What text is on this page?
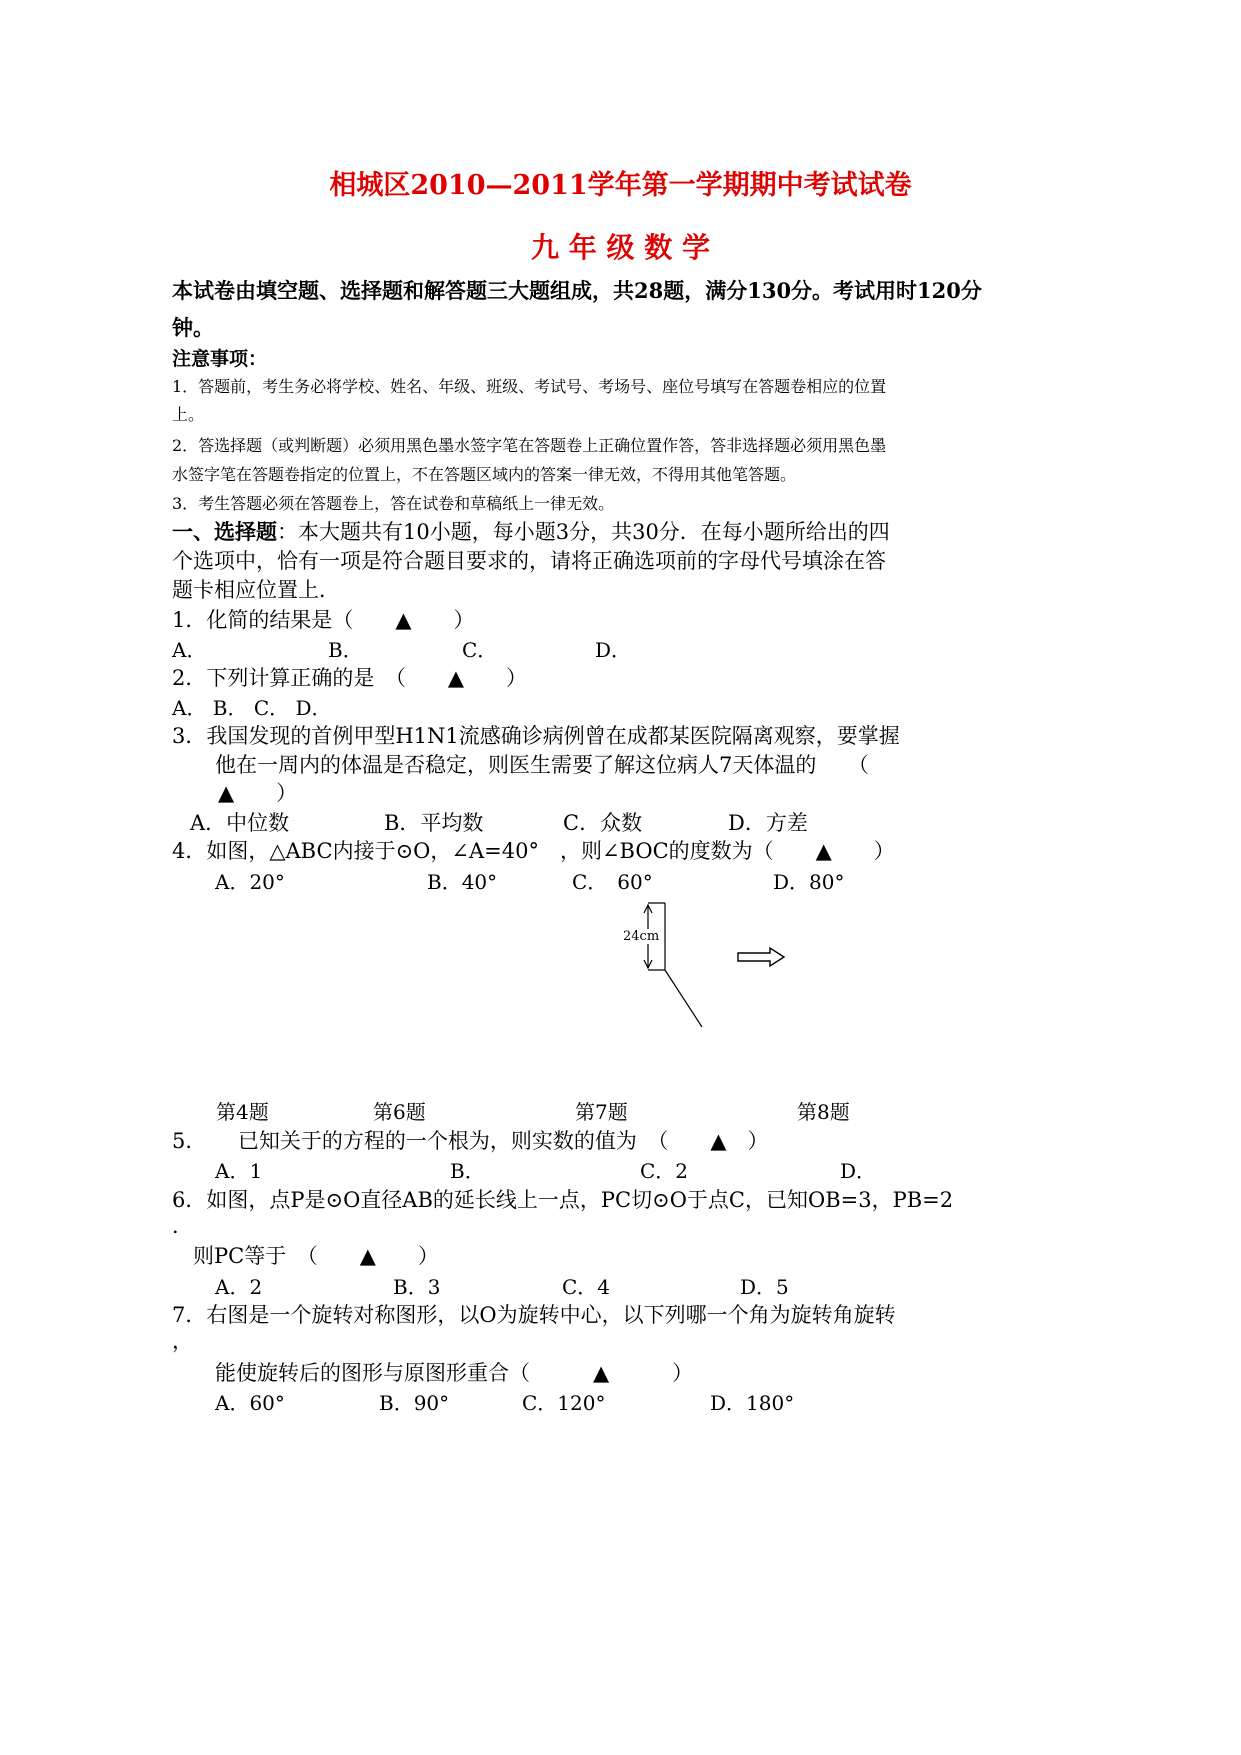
相城区2010—2011学年第一学期期中考试试卷
九 年 级 数 学
本试卷由填空题、选择题和解答题三大题组成，共28题，满分130分。考试用时120分
钟。
注意事项：
1．答题前，考生务必将学校、姓名、年级、班级、考试号、考场号、座位号填写在答题卷相应的位置
上。
2．答选择题（或判断题）必须用黑色墨水签字笔在答题卷上正确位置作答，答非选择题必须用黑色墨
水签字笔在答题卷指定的位置上，不在答题区域内的答案一律无效，不得用其他笔答题。
3．考生答题必须在答题卷上，答在试卷和草稿纸上一律无效。
一、选择题：本大题共有10小题，每小题3分，共30分．在每小题所给出的四
个选项中，恰有一项是符合题目要求的，请将正确选项前的字母代号填涂在答
题卡相应位置上．
1．化简的结果是（　　▲　　）
A．	B．	C．	D．
2．下列计算正确的是　（　　▲　　）
A． B． C． D．
3．我国发现的首例甲型H1N1流感确诊病例曾在成都某医院隔离观察，要掌握
他在一周内的体温是否稳定，则医生需要了解这位病人7天体温的　　（
▲　　）
A．中位数	B．平均数	C．众数	D．方差
4．如图，△ABC内接于⊙O，∠A=40°　，则∠BOC的度数为（　　▲　　）
A．20°	B．40°	C．　60°	D．80°
24cm
第4题	第6题	第7题	第8题
5．　　已知关于的方程的一个根为，则实数的值为　（　　▲　）
A．1	B．	C．2	D．
6．如图，点P是⊙O直径AB的延长线上一点，PC切⊙O于点C，已知OB=3，PB=2
．
则PC等于　（　　▲　　）
A．2	B．3	C．4	D．5
7．右图是一个旋转对称图形，以O为旋转中心，以下列哪一个角为旋转角旋转
，
能使旋转后的图形与原图形重合（　　　▲　　　）
A．60°	B．90°	C．120°	D．180°
